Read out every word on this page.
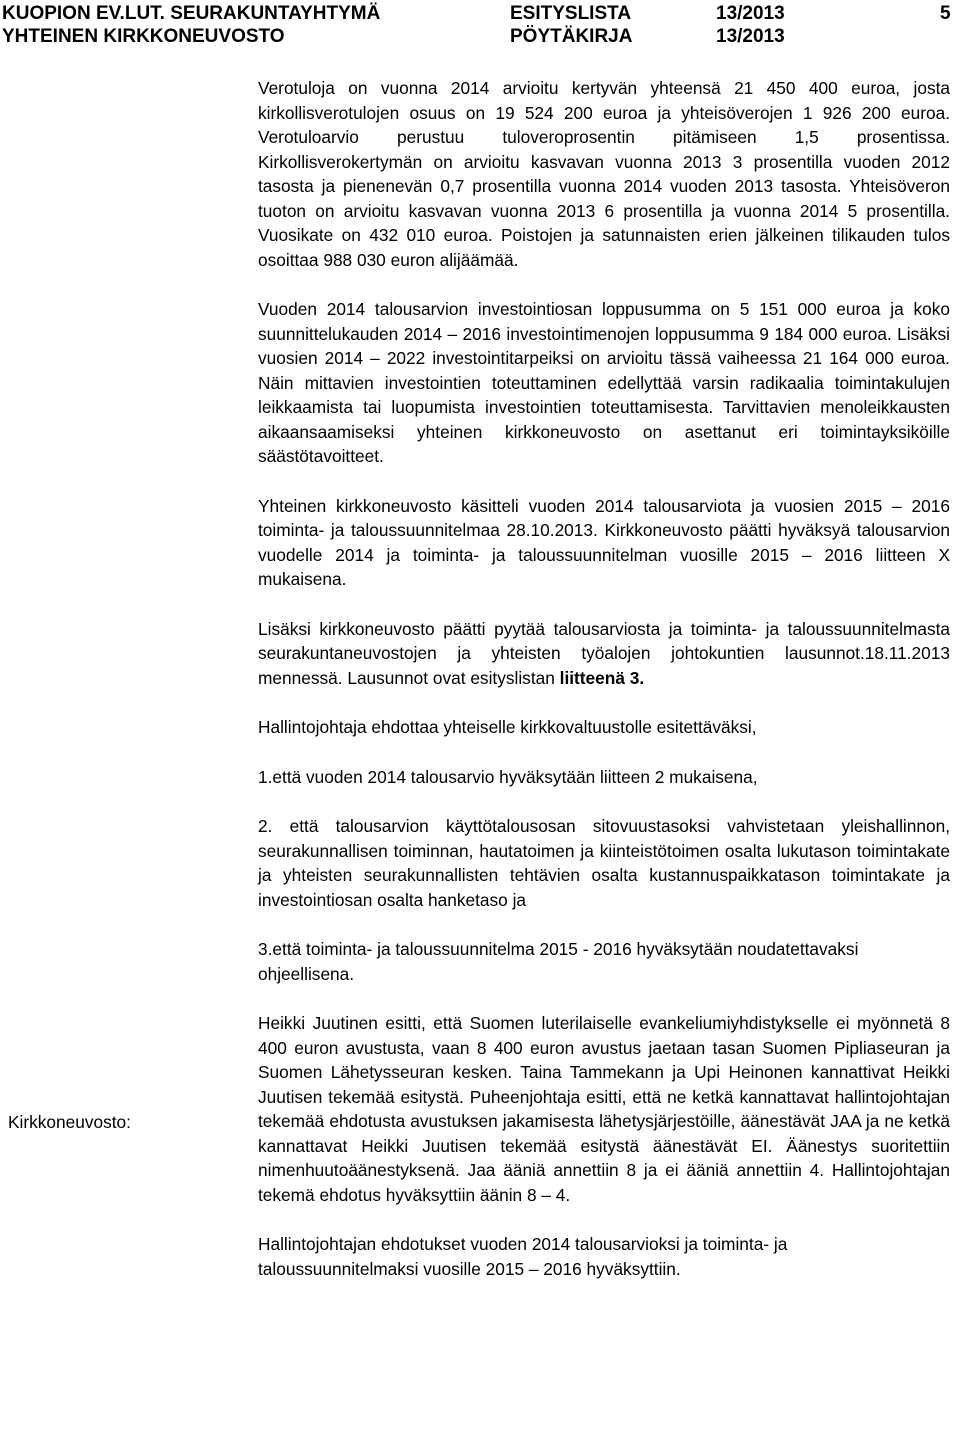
KUOPION EV.LUT. SEURAKUNTAYHTYMÄ	ESITYSLISTA	13/2013	5
YHTEINEN KIRKKONEUVOSTO	PÖYTÄKIRJA	13/2013

Verotuloja on vuonna 2014 arvioitu kertyvän yhteensä 21 450 400 euroa, josta kirkollisverotulojen osuus on 19 524 200 euroa ja yhteisöverojen 1 926 200 euroa. Verotuloarvio perustuu tuloveroprosentin pitämiseen 1,5 prosentissa. Kirkollisverokertymän on arvioitu kasvavan vuonna 2013 3 prosentilla vuoden 2012 tasosta ja pienenevän 0,7 prosentilla vuonna 2014 vuoden 2013 tasosta. Yhteisöveron tuoton on arvioitu kasvavan vuonna 2013 6 prosentilla ja vuonna 2014 5 prosentilla. Vuosikate on 432 010 euroa. Poistojen ja satunnaisten erien jälkeinen tilikauden tulos osoittaa 988 030 euron alijäämää.

Vuoden 2014 talousarvion investointiosan loppusumma on 5 151 000 euroa ja koko suunnittelukauden 2014 – 2016 investointimenojen loppusumma 9 184 000 euroa. Lisäksi vuosien 2014 – 2022 investointitarpeiksi on arvioitu tässä vaiheessa 21 164 000 euroa. Näin mittavien investointien toteuttaminen edellyttää varsin radikaalia toimintakulujen leikkaamista tai luopumista investointien toteuttamisesta. Tarvittavien menoleikkausten aikaansaamiseksi yhteinen kirkkoneuvosto on asettanut eri toimintayksiköille säästötavoitteet.

Yhteinen kirkkoneuvosto käsitteli vuoden 2014 talousarviota ja vuosien 2015 – 2016 toiminta- ja taloussuunnitelmaa 28.10.2013. Kirkkoneuvosto päätti hyväksyä talousarvion vuodelle 2014 ja toiminta- ja taloussuunnitelman vuosille 2015 – 2016 liitteen X mukaisena.

Lisäksi kirkkoneuvosto päätti pyytää talousarviosta ja toiminta- ja taloussuunnitelmasta seurakuntaneuvostojen ja yhteisten työalojen johtokuntien lausunnot.18.11.2013 mennessä. Lausunnot ovat esityslistan liitteenä 3.

Hallintojohtaja ehdottaa yhteiselle kirkkovaltuustolle esitettäväksi,

1.että vuoden 2014 talousarvio hyväksytään liitteen 2 mukaisena,

2. että talousarvion käyttötalousosan sitovuustasoksi vahvistetaan yleishallinnon, seurakunnallisen toiminnan, hautatoimen ja kiinteistötoimen osalta lukutason toimintakate ja yhteisten seurakunnallisten tehtävien osalta kustannuspaikkatason toimintakate ja investointiosan osalta hanketaso ja

3.että toiminta- ja taloussuunnitelma 2015 - 2016 hyväksytään noudatettavaksi ohjeellisena.

Heikki Juutinen esitti, että Suomen luterilaiselle evankeliumiyhdistykselle ei myönnetä 8 400 euron avustusta, vaan 8 400 euron avustus jaetaan tasan Suomen Pipliaseuran ja Suomen Lähetysseuran kesken. Taina Tammekann ja Upi Heinonen kannattivat Heikki Juutisen tekemää esitystä. Puheenjohtaja esitti, että ne ketkä kannattavat hallintojohtajan tekemää ehdotusta avustuksen jakamisesta lähetysjärjestöille, äänestävät JAA ja ne ketkä kannattavat Heikki Juutisen tekemää esitystä äänestävät EI. Äänestys suoritettiin nimenhuutoäänestyksenä. Jaa ääniä annettiin 8 ja ei ääniä annettiin 4. Hallintojohtajan tekemä ehdotus hyväksyttiin äänin 8 – 4.

Hallintojohtajan ehdotukset vuoden 2014 talousarvioksi ja toiminta- ja taloussuunnitelmaksi vuosille 2015 – 2016 hyväksyttiin.

Kirkkoneuvosto:
